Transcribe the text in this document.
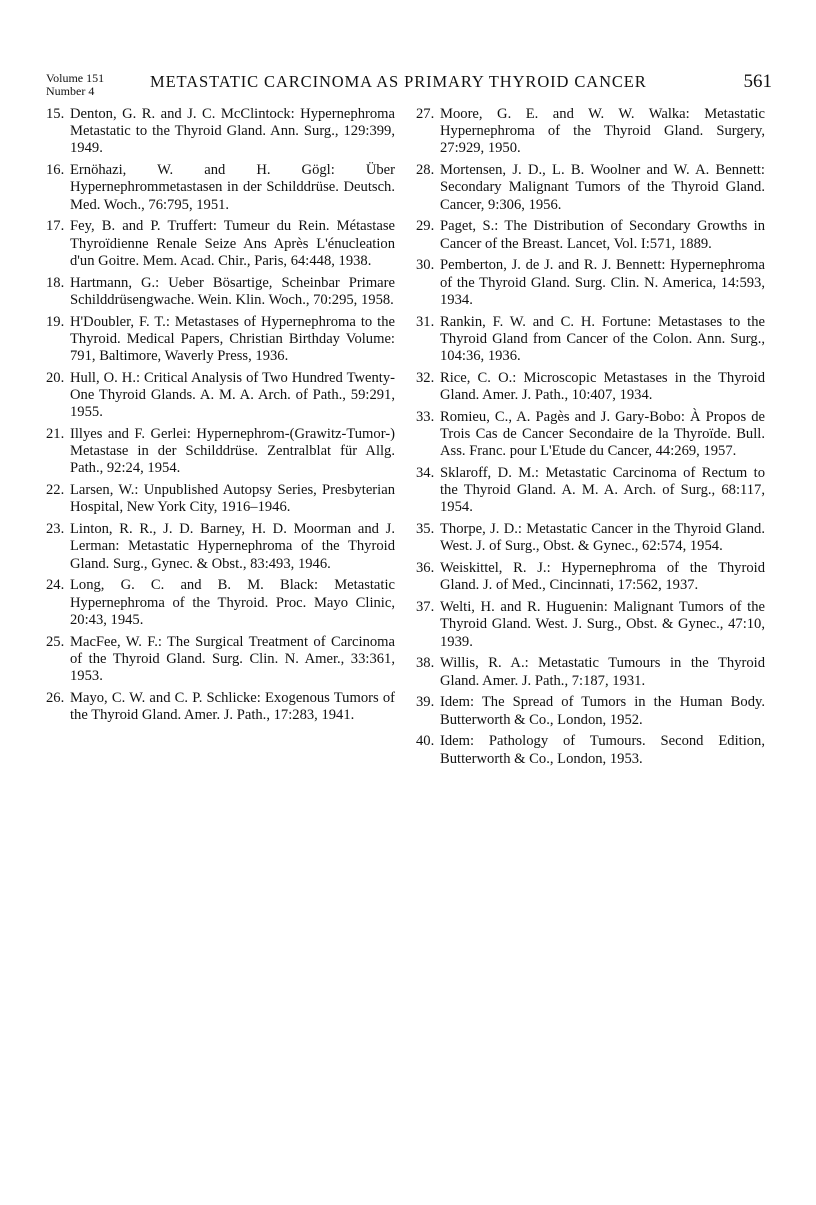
Volume 151
Number 4	METASTATIC CARCINOMA AS PRIMARY THYROID CANCER	561
15. Denton, G. R. and J. C. McClintock: Hypernephroma Metastatic to the Thyroid Gland. Ann. Surg., 129:399, 1949.
16. Ernöhazi, W. and H. Gögl: Über Hypernephrommetastasen in der Schilddrüse. Deutsch. Med. Woch., 76:795, 1951.
17. Fey, B. and P. Truffert: Tumeur du Rein. Métastase Thyroïdienne Renale Seize Ans Après L'énucleation d'un Goitre. Mem. Acad. Chir., Paris, 64:448, 1938.
18. Hartmann, G.: Ueber Bösartige, Scheinbar Primare Schilddrüsengwache. Wein. Klin. Woch., 70:295, 1958.
19. H'Doubler, F. T.: Metastases of Hypernephroma to the Thyroid. Medical Papers, Christian Birthday Volume: 791, Baltimore, Waverly Press, 1936.
20. Hull, O. H.: Critical Analysis of Two Hundred Twenty-One Thyroid Glands. A. M. A. Arch. of Path., 59:291, 1955.
21. Illyes and F. Gerlei: Hypernephrom-(Grawitz-Tumor-) Metastase in der Schilddrüse. Zentralblat für Allg. Path., 92:24, 1954.
22. Larsen, W.: Unpublished Autopsy Series, Presbyterian Hospital, New York City, 1916–1946.
23. Linton, R. R., J. D. Barney, H. D. Moorman and J. Lerman: Metastatic Hypernephroma of the Thyroid Gland. Surg., Gynec. & Obst., 83:493, 1946.
24. Long, G. C. and B. M. Black: Metastatic Hypernephroma of the Thyroid. Proc. Mayo Clinic, 20:43, 1945.
25. MacFee, W. F.: The Surgical Treatment of Carcinoma of the Thyroid Gland. Surg. Clin. N. Amer., 33:361, 1953.
26. Mayo, C. W. and C. P. Schlicke: Exogenous Tumors of the Thyroid Gland. Amer. J. Path., 17:283, 1941.
27. Moore, G. E. and W. W. Walka: Metastatic Hypernephroma of the Thyroid Gland. Surgery, 27:929, 1950.
28. Mortensen, J. D., L. B. Woolner and W. A. Bennett: Secondary Malignant Tumors of the Thyroid Gland. Cancer, 9:306, 1956.
29. Paget, S.: The Distribution of Secondary Growths in Cancer of the Breast. Lancet, Vol. I:571, 1889.
30. Pemberton, J. de J. and R. J. Bennett: Hypernephroma of the Thyroid Gland. Surg. Clin. N. America, 14:593, 1934.
31. Rankin, F. W. and C. H. Fortune: Metastases to the Thyroid Gland from Cancer of the Colon. Ann. Surg., 104:36, 1936.
32. Rice, C. O.: Microscopic Metastases in the Thyroid Gland. Amer. J. Path., 10:407, 1934.
33. Romieu, C., A. Pagès and J. Gary-Bobo: À Propos de Trois Cas de Cancer Secondaire de la Thyroïde. Bull. Ass. Franc. pour L'Etude du Cancer, 44:269, 1957.
34. Sklaroff, D. M.: Metastatic Carcinoma of Rectum to the Thyroid Gland. A. M. A. Arch. of Surg., 68:117, 1954.
35. Thorpe, J. D.: Metastatic Cancer in the Thyroid Gland. West. J. of Surg., Obst. & Gynec., 62:574, 1954.
36. Weiskittel, R. J.: Hypernephroma of the Thyroid Gland. J. of Med., Cincinnati, 17:562, 1937.
37. Welti, H. and R. Huguenin: Malignant Tumors of the Thyroid Gland. West. J. Surg., Obst. & Gynec., 47:10, 1939.
38. Willis, R. A.: Metastatic Tumours in the Thyroid Gland. Amer. J. Path., 7:187, 1931.
39. Idem: The Spread of Tumors in the Human Body. Butterworth & Co., London, 1952.
40. Idem: Pathology of Tumours. Second Edition, Butterworth & Co., London, 1953.
